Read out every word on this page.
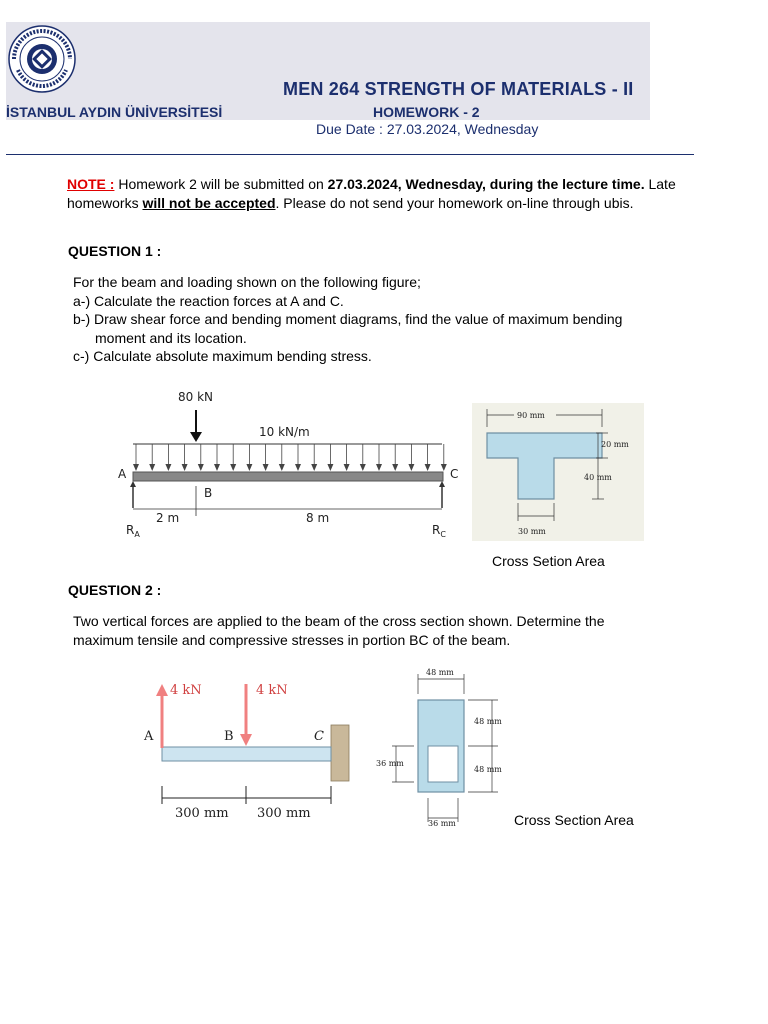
MEN 264 STRENGTH OF MATERIALS - II
İSTANBUL AYDIN ÜNİVERSİTESİ	HOMEWORK - 2
Due Date : 27.03.2024, Wednesday
NOTE : Homework 2 will be submitted on 27.03.2024, Wednesday, during the lecture time. Late homeworks will not be accepted. Please do not send your homework on-line through ubis.
QUESTION 1 :
For the beam and loading shown on the following figure;
a-) Calculate the reaction forces at A and C.
b-) Draw shear force and bending moment diagrams, find the value of maximum bending
moment and its location.
c-) Calculate absolute maximum bending stress.
80 kN
10 kN/m
A	C
B
2 m	8 m
$R_A$	$R_C$
90 mm
20 mm
40 mm
30 mm
Cross Setion Area
QUESTION 2 :
Two vertical forces are applied to the beam of the cross section shown. Determine the
maximum tensile and compressive stresses in portion BC of the beam.
4 kN	4 kN
A	B	C
300 mm 300 mm
48 mm
48 mm
48 mm
36 mm
36 mm	Cross Section Area
